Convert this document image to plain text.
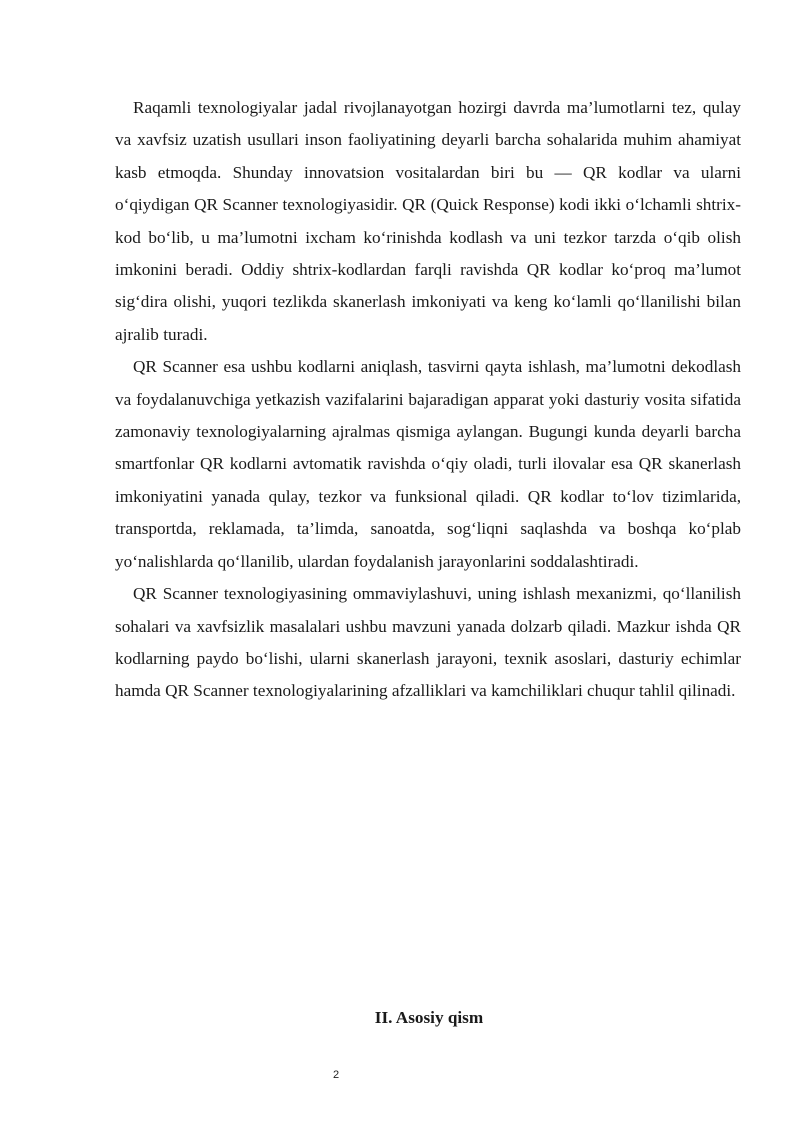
Raqamli texnologiyalar jadal rivojlanayotgan hozirgi davrda ma’lumotlarni tez, qulay va xavfsiz uzatish usullari inson faoliyatining deyarli barcha sohalarida muhim ahamiyat kasb etmoqda. Shunday innovatsion vositalardan biri bu — QR kodlar va ularni o‘qiydigan QR Scanner texnologiyasidir. QR (Quick Response) kodi ikki o‘lchamli shtrix-kod bo‘lib, u ma’lumotni ixcham ko‘rinishda kodlash va uni tezkor tarzda o‘qib olish imkonini beradi. Oddiy shtrix-kodlardan farqli ravishda QR kodlar ko‘proq ma’lumot sig‘dira olishi, yuqori tezlikda skanerlash imkoniyati va keng ko‘lamli qo‘llanilishi bilan ajralib turadi.

QR Scanner esa ushbu kodlarni aniqlash, tasvirni qayta ishlash, ma’lumotni dekodlash va foydalanuvchiga yetkazish vazifalarini bajaradigan apparat yoki dasturiy vosita sifatida zamonaviy texnologiyalarning ajralmas qismiga aylangan. Bugungi kunda deyarli barcha smartfonlar QR kodlarni avtomatik ravishda o‘qiy oladi, turli ilovalar esa QR skanerlash imkoniyatini yanada qulay, tezkor va funksional qiladi. QR kodlar to‘lov tizimlarida, transportda, reklamada, ta’limda, sanoatda, sog‘liqni saqlashda va boshqa ko‘plab yo‘nalishlarda qo‘llanilib, ulardan foydalanish jarayonlarini soddalashtiradi.

QR Scanner texnologiyasining ommaviylashuvi, uning ishlash mexanizmi, qo‘llanilish sohalari va xavfsizlik masalalari ushbu mavzuni yanada dolzarb qiladi. Mazkur ishda QR kodlarning paydo bo‘lishi, ularni skanerlash jarayoni, texnik asoslari, dasturiy echimlar hamda QR Scanner texnologiyalarining afzalliklari va kamchiliklari chuqur tahlil qilinadi.

II. Asosiy qism
2
